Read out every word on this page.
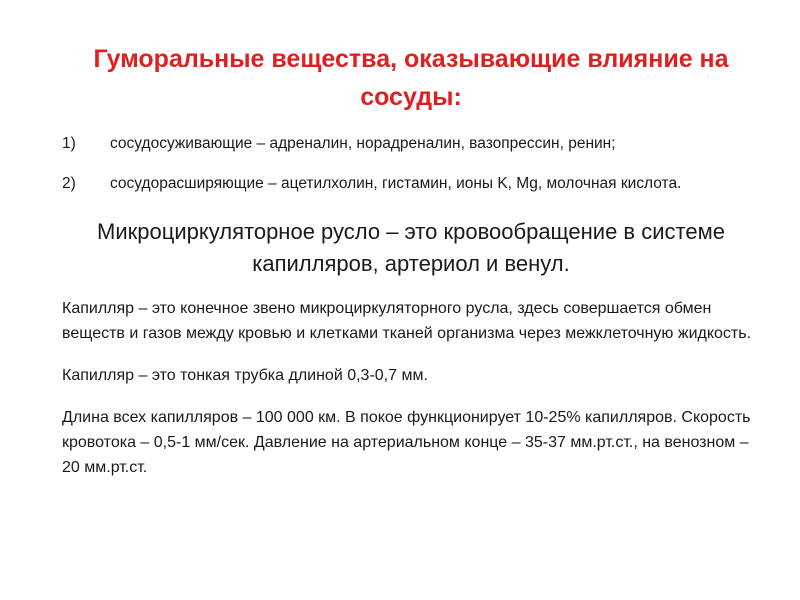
Гуморальные вещества, оказывающие влияние на сосуды:
1)	сосудосуживающие – адреналин, норадреналин, вазопрессин, ренин;
2) сосудорасширяющие – ацетилхолин, гистамин, ионы K, Mg, молочная кислота.
Микроциркуляторное русло – это кровообращение в системе капилляров, артериол и венул.
Капилляр – это конечное звено микроциркуляторного русла, здесь совершается обмен веществ и газов между кровью и клетками тканей организма через межклеточную жидкость.
Капилляр – это тонкая трубка длиной 0,3-0,7 мм.
Длина всех капилляров – 100 000 км. В покое функционирует 10-25% капилляров. Скорость кровотока – 0,5-1 мм/сек. Давление на артериальном конце – 35-37 мм.рт.ст., на венозном – 20 мм.рт.ст.
